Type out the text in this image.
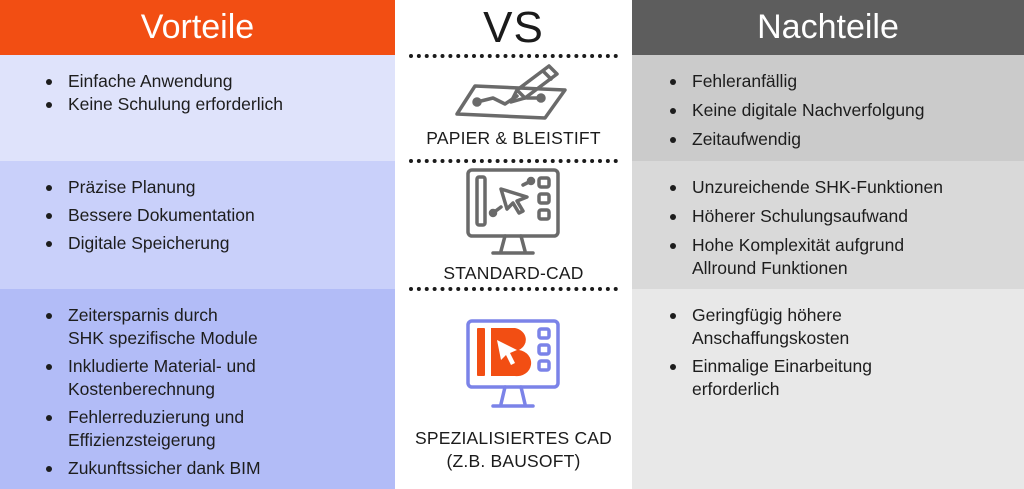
Vorteile
Einfache Anwendung
Keine Schulung erforderlich
Präzise Planung
Bessere Dokumentation
Digitale Speicherung
Zeitersparnis durch
SHK spezifische Module
Inkludierte Material- und
Kostenberechnung
Fehlerreduzierung und
Effizienzsteigerung
Zukunftssicher dank BIM
VS
PAPIER & BLEISTIFT
STANDARD-CAD
SPEZIALISIERTES CAD
(Z.B. BAUSOFT)
Nachteile
Fehleranfällig
Keine digitale Nachverfolgung
Zeitaufwendig
Unzureichende SHK-Funktionen
Höherer Schulungsaufwand
Hohe Komplexität aufgrund
Allround Funktionen
Geringfügig höhere
Anschaffungskosten
Einmalige Einarbeitung
erforderlich
